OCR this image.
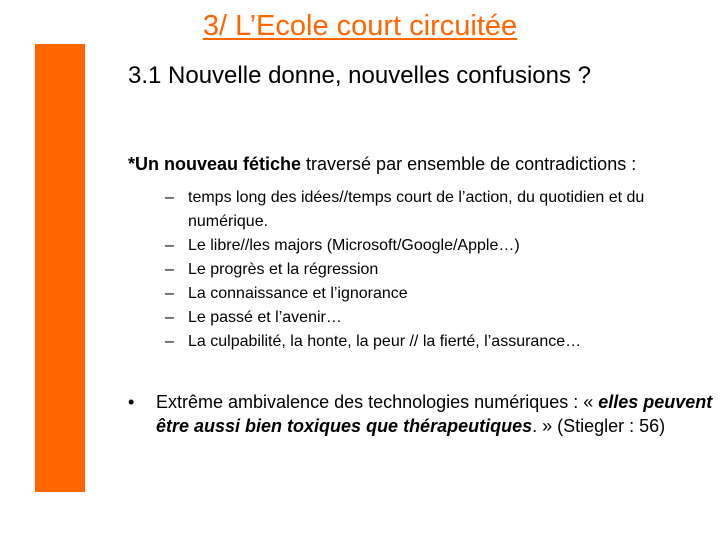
3/ L’Ecole court circuitée
3.1 Nouvelle donne, nouvelles confusions ?

*Un nouveau fétiche traversé par ensemble de contradictions :

– temps long des idées//temps court de l’action, du quotidien et du numérique.
– Le libre//les majors (Microsoft/Google/Apple…)
– Le progrès et la régression
– La connaissance et l’ignorance
– Le passé et l’avenir…
– La culpabilité, la honte, la peur // la fierté, l’assurance…

• Extrême ambivalence des technologies numériques : « elles peuvent être aussi bien toxiques que thérapeutiques. » (Stiegler : 56)
